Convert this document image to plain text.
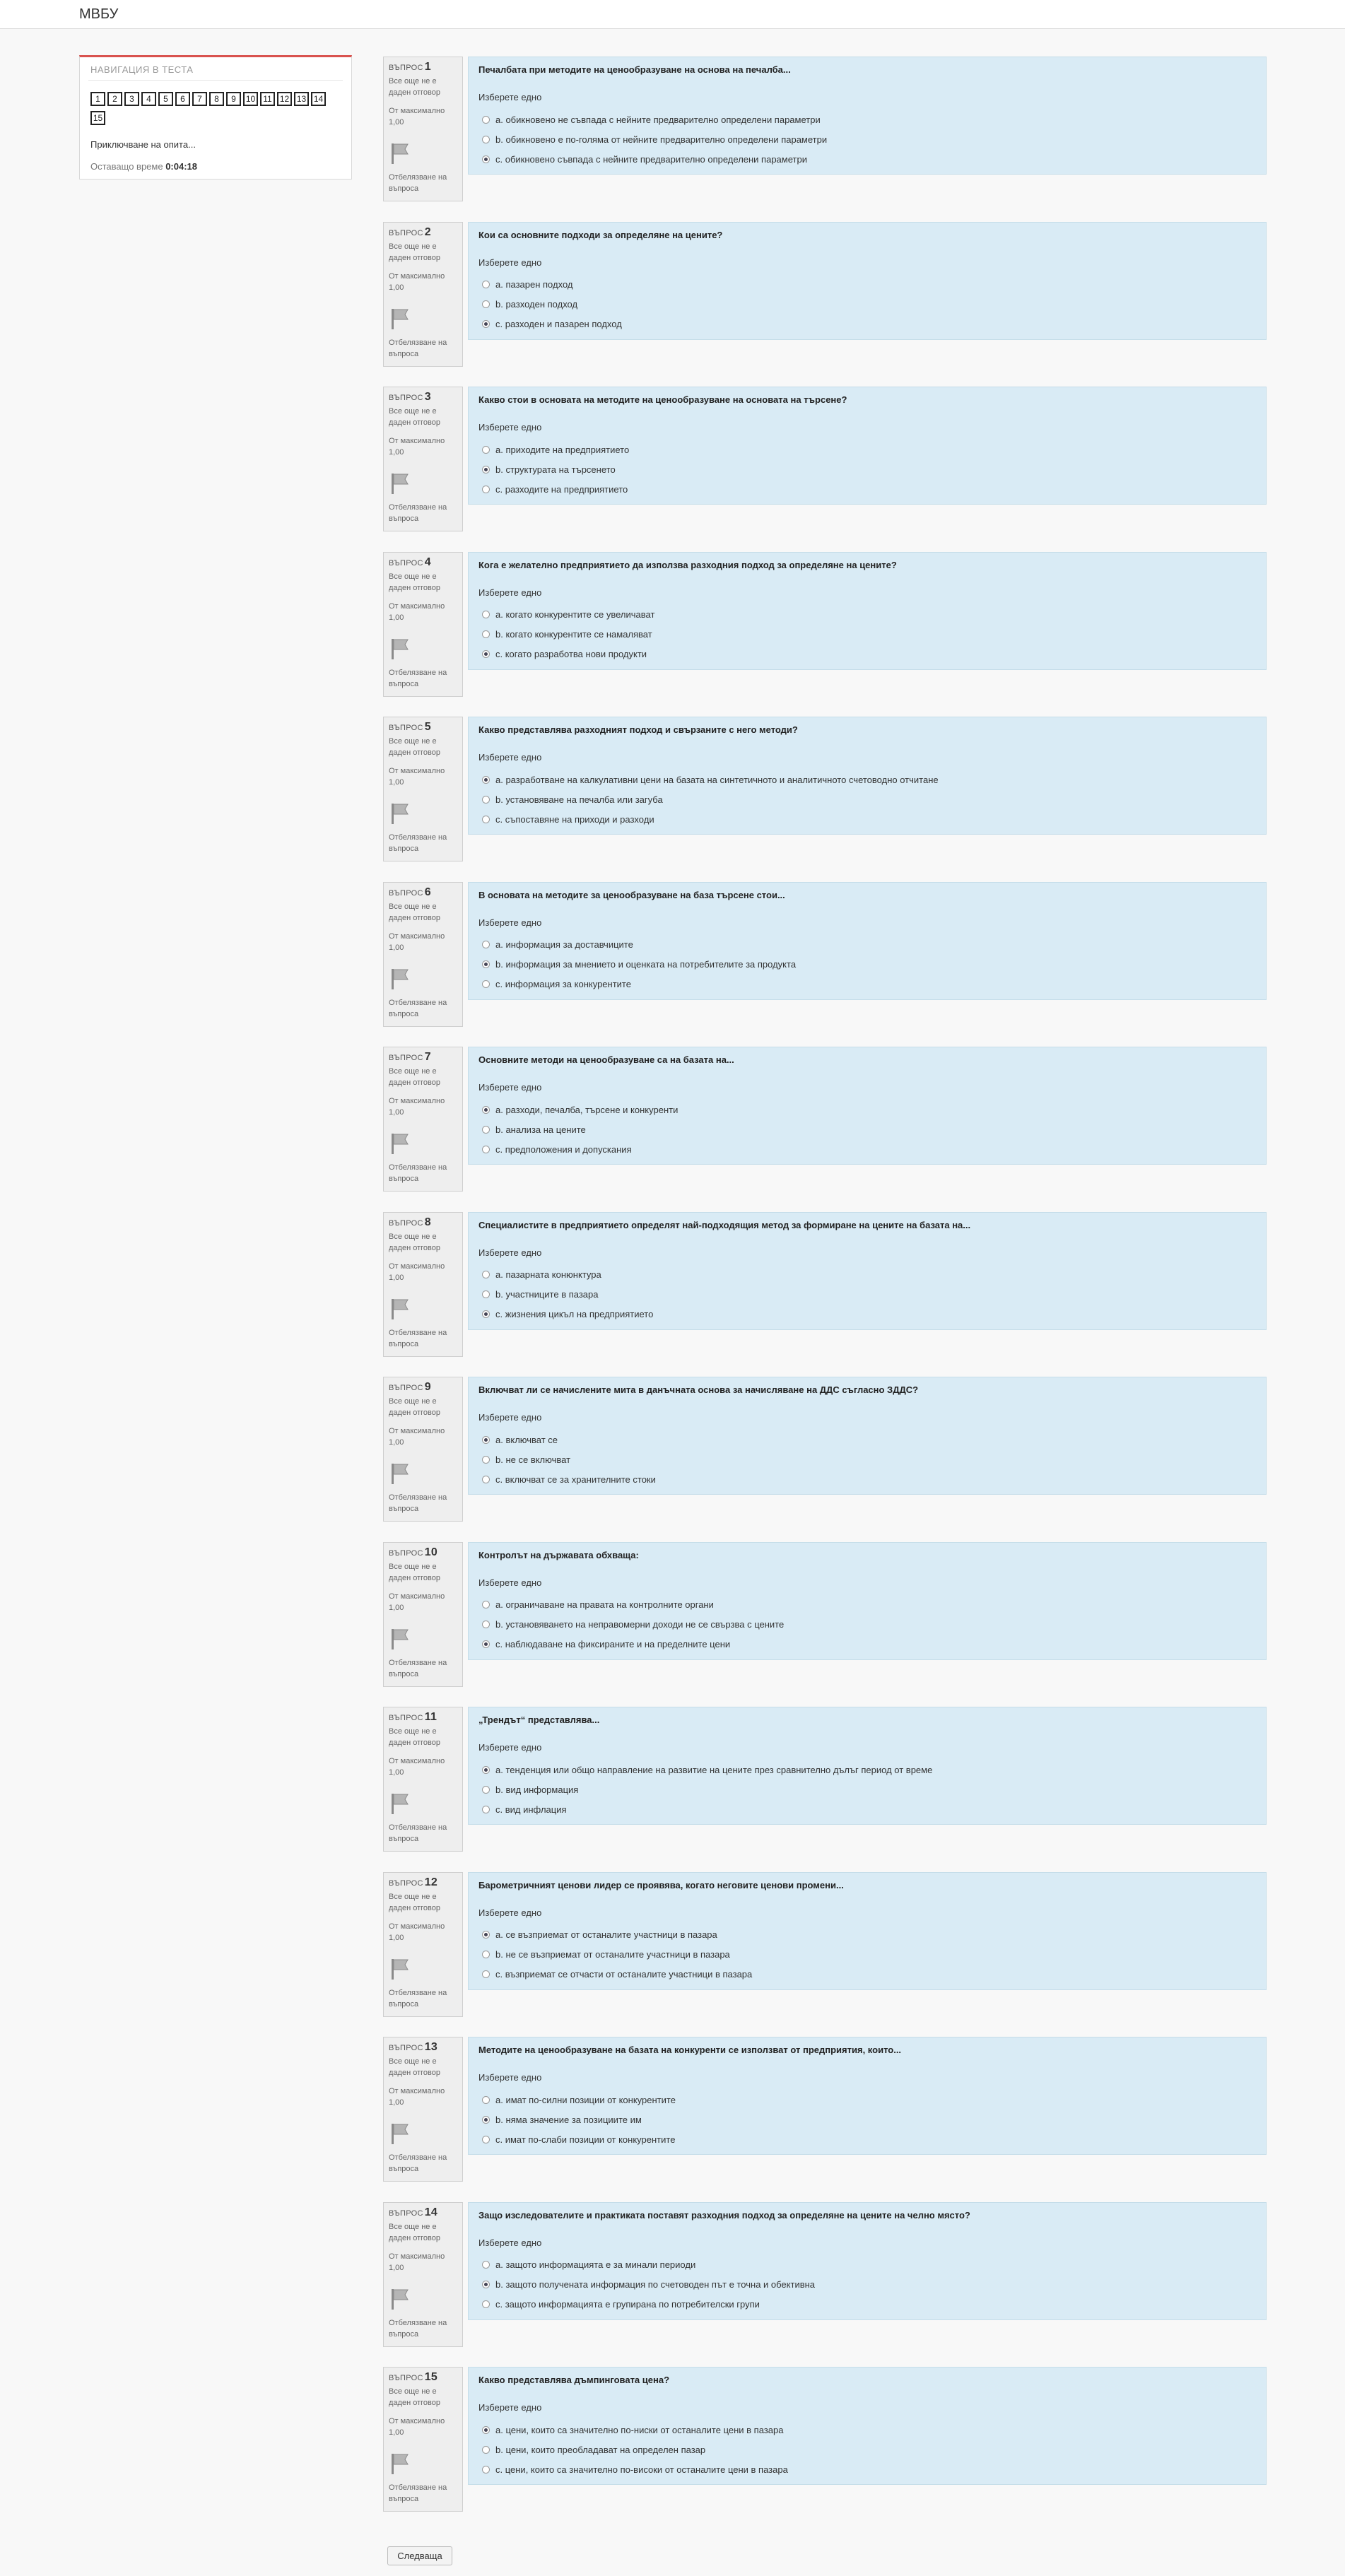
МВБУ
НАВИГАЦИЯ В ТЕСТА
1 2 3 4 5 6 7 8 9 10 11 12 13 1415
Приключване на опита...
Оставащо време 0:04:18
ВЪПРОС 1
Все още не е даден отговор
От максимално 1,00
Отбелязване на въпроса
Печалбата при методите на ценообразуване на основа на печалба...
Изберете едно
a. обикновено не съвпада с нейните предварително определени параметри
b. обикновено е по-голяма от нейните предварително определени параметри
c. обикновено съвпада с нейните предварително определени параметри
ВЪПРОС 2
Все още не е даден отговор
От максимално 1,00
Отбелязване на въпроса
Кои са основните подходи за определяне на цените?
Изберете едно
a. пазарен подход
b. разходен подход
c. разходен и пазарен подход
ВЪПРОС 3
Все още не е даден отговор
От максимално 1,00
Отбелязване на въпроса
Какво стои в основата на методите на ценообразуване на основата на търсене?
Изберете едно
a. приходите на предприятието
b. структурата на търсенето
c. разходите на предприятието
ВЪПРОС 4
Все още не е даден отговор
От максимално 1,00
Отбелязване на въпроса
Кога е желателно предприятието да използва разходния подход за определяне на цените?
Изберете едно
a. когато конкурентите се увеличават
b. когато конкурентите се намаляват
c. когато разработва нови продукти
ВЪПРОС 5
Все още не е даден отговор
От максимално 1,00
Отбелязване на въпроса
Какво представлява разходният подход и свързаните с него методи?
Изберете едно
a. разработване на калкулативни цени на базата на синтетичното и аналитичното счетоводно отчитане
b. установяване на печалба или загуба
c. съпоставяне на приходи и разходи
ВЪПРОС 6
Все още не е даден отговор
От максимално 1,00
Отбелязване на въпроса
В основата на методите за ценообразуване на база търсене стои...
Изберете едно
a. информация за доставчиците
b. информация за мнението и оценката на потребителите за продукта
c. информация за конкурентите
ВЪПРОС 7
Все още не е даден отговор
От максимално 1,00
Отбелязване на въпроса
Основните методи на ценообразуване са на базата на...
Изберете едно
a. разходи, печалба, търсене и конкуренти
b. анализа на цените
c. предположения и допускания
ВЪПРОС 8
Все още не е даден отговор
От максимално 1,00
Отбелязване на въпроса
Специалистите в предприятието определят най-подходящия метод за формиране на цените на базата на...
Изберете едно
a. пазарната конюнктура
b. участниците в пазара
c. жизнения цикъл на предприятието
ВЪПРОС 9
Все още не е даден отговор
От максимално 1,00
Отбелязване на въпроса
Включват ли се начислените мита в данъчната основа за начисляване на ДДС съгласно ЗДДС?
Изберете едно
a. включват се
b. не се включват
c. включват се за хранителните стоки
ВЪПРОС 10
Все още не е даден отговор
От максимално 1,00
Отбелязване на въпроса
Контролът на държавата обхваща:
Изберете едно
a. ограничаване на правата на контролните органи
b. установяването на неправомерни доходи не се свързва с цените
c. наблюдаване на фиксираните и на пределните цени
ВЪПРОС 11
Все още не е даден отговор
От максимално 1,00
Отбелязване на въпроса
„Трендът“ представлява...
Изберете едно
a. тенденция или общо направление на развитие на цените през сравнително дълъг период от време
b. вид информация
c. вид инфлация
ВЪПРОС 12
Все още не е даден отговор
От максимално 1,00
Отбелязване на въпроса
Барометричният ценови лидер се проявява, когато неговите ценови промени...
Изберете едно
a. се възприемат от останалите участници в пазара
b. не се възприемат от останалите участници в пазара
c. възприемат се отчасти от останалите участници в пазара
ВЪПРОС 13
Все още не е даден отговор
От максимално 1,00
Отбелязване на въпроса
Методите на ценообразуване на базата на конкуренти се използват от предприятия, които...
Изберете едно
a. имат по-силни позиции от конкурентите
b. няма значение за позициите им
c. имат по-слаби позиции от конкурентите
ВЪПРОС 14
Все още не е даден отговор
От максимално 1,00
Отбелязване на въпроса
Защо изследователите и практиката поставят разходния подход за определяне на цените на челно място?
Изберете едно
a. защото информацията е за минали периоди
b. защото получената информация по счетоводен път е точна и обективна
c. защото информацията е групирана по потребителски групи
ВЪПРОС 15
Все още не е даден отговор
От максимално 1,00
Отбелязване на въпроса
Какво представлява дъмпинговата цена?
Изберете едно
a. цени, които са значително по-ниски от останалите цени в пазара
b. цени, които преобладават на определен пазар
c. цени, които са значително по-високи от останалите цени в пазара
Следваща
